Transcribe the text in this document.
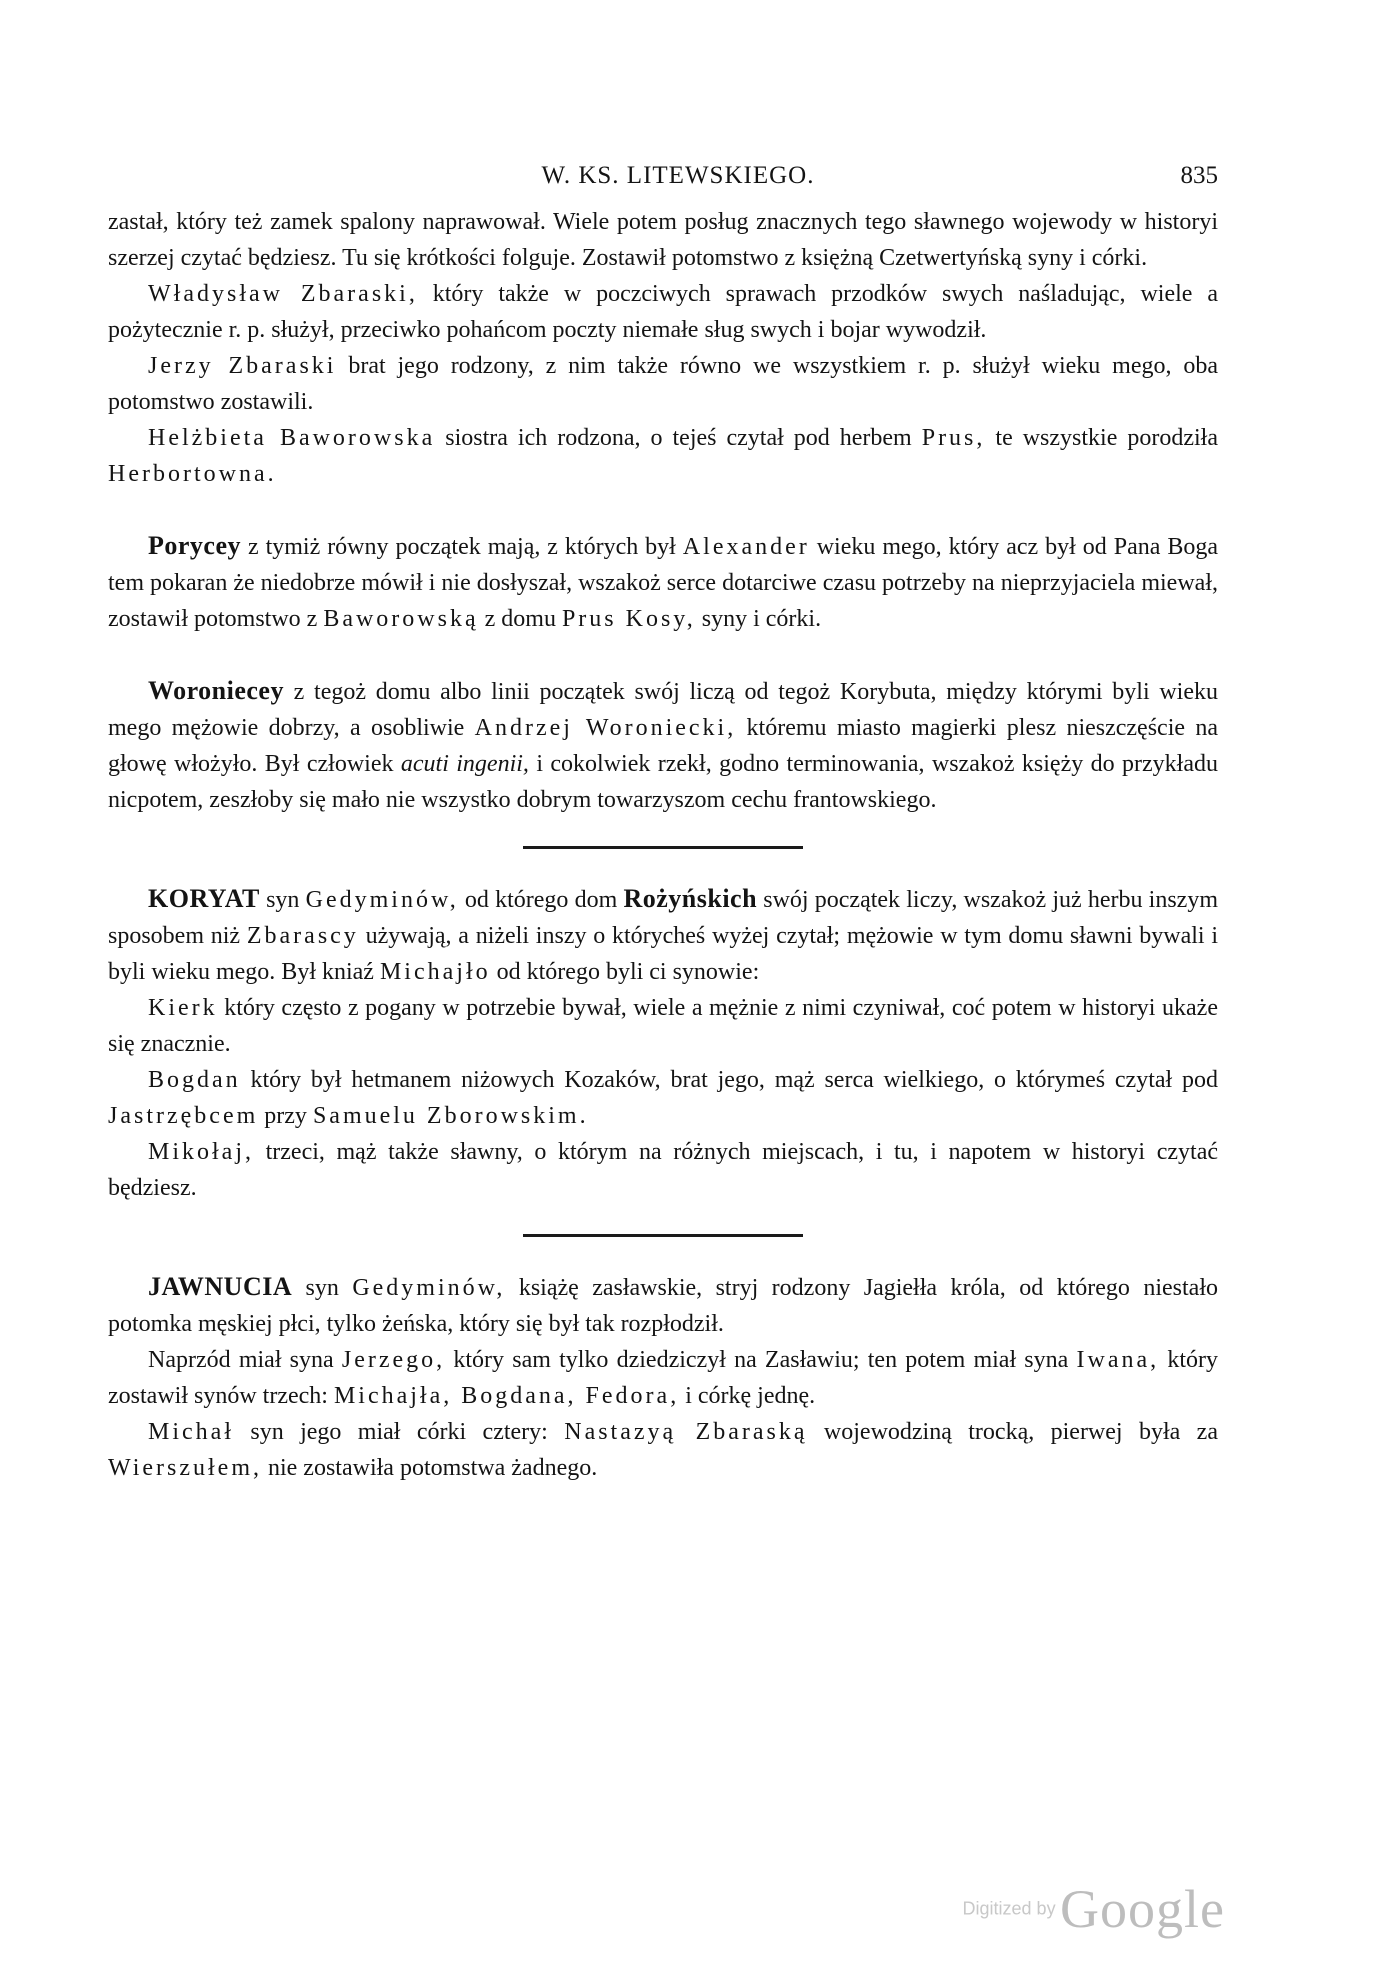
W. KS. LITEWSKIEGO.	835

zastał, który też zamek spalony naprawował. Wiele potem posług znacznych tego sławnego wojewody w historyi szerzej czytać będziesz. Tu się krótkości folguje. Zostawił potomstwo z księżną Czetwertyńską syny i córki.

Władysław Zbaraski, który także w poczciwych sprawach przodków swych naśladując, wiele a pożytecznie r. p. służył, przeciwko pohańcom poczty niemałe sług swych i bojar wywodził.

Jerzy Zbaraski brat jego rodzony, z nim także równo we wszystkiem r. p. służył wieku mego, oba potomstwo zostawili.

Helżbieta Baworowska siostra ich rodzona, o tejeś czytał pod herbem Prus, te wszystkie porodziła Herbortowna.

Porycey z tymiż równy początek mają, z których był Alexander wieku mego, który acz był od Pana Boga tem pokaran że niedobrze mówił i nie dosłyszał, wszakoż serce dotarciwe czasu potrzeby na nieprzyjaciela miewał, zostawił potomstwo z Baworowską z domu Prus Kosy, syny i córki.

Woroniecey z tegoż domu albo linii początek swój liczą od tegoż Korybuta, między którymi byli wieku mego mężowie dobrzy, a osobliwie Andrzej Woroniecki, któremu miasto magierki plesz nieszczęście na głowę włożyło. Był człowiek acuti ingenii, i cokolwiek rzekł, godno terminowania, wszakoż księży do przykładu nicpotem, zeszłoby się mało nie wszystko dobrym towarzyszom cechu frantowskiego.

KORYAT syn Gedyminów, od którego dom Rożyńskich swój początek liczy, wszakoż już herbu inszym sposobem niż Zbarascy używają, a niżeli inszy o którycheś wyżej czytał; mężowie w tym domu sławni bywali i byli wieku mego. Był kniaź Michajło od którego byli ci synowie:

Kierk który często z pogany w potrzebie bywał, wiele a mężnie z nimi czyniwał, coć potem w historyi ukaże się znacznie.

Bogdan który był hetmanem niżowych Kozaków, brat jego, mąż serca wielkiego, o którymeś czytał pod Jastrzębcem przy Samuelu Zborowskim.

Mikołaj, trzeci, mąż także sławny, o którym na różnych miejscach, i tu, i napotem w historyi czytać będziesz.

JAWNUCIA syn Gedyminów, książę zasławskie, stryj rodzony Jagiełła króla, od którego niestało potomka męskiej płci, tylko żeńska, który się był tak rozpłodził.

Naprzód miał syna Jerzego, który sam tylko dziedziczył na Zasławiu; ten potem miał syna Iwana, który zostawił synów trzech: Michajła, Bogdana, Fedora, i córkę jednę.

Michał syn jego miał córki cztery: Nastazyą Zbaraską wojewodziną trocką, pierwej była za Wierszułem, nie zostawiła potomstwa żadnego.

Digitized by Google
